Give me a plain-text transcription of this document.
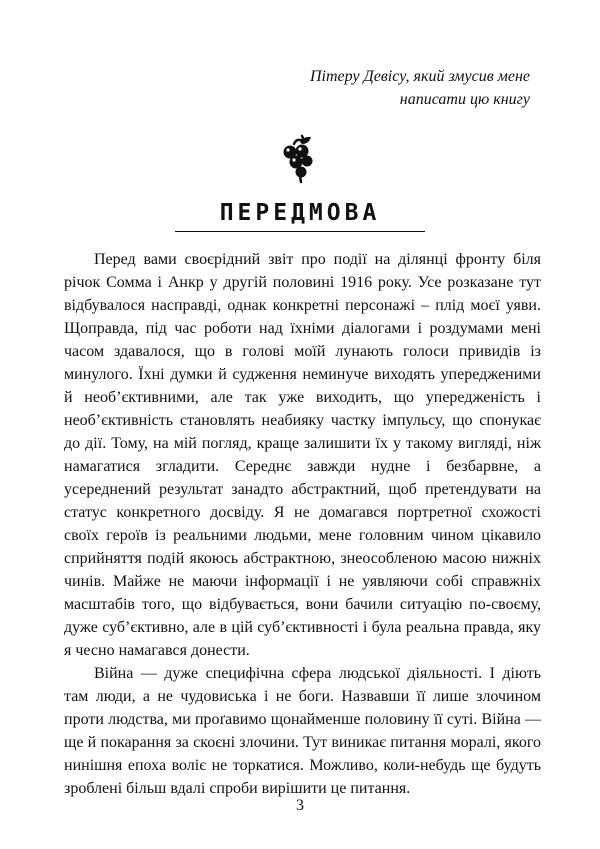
Пітеру Девісу, який змусив мене
написати цю книгу
ПЕРЕДМОВА

Перед вами своєрідний звіт про події на ділянці фронту біля річок Сомма і Анкр у другій половині 1916 року. Усе розказане тут відбувалося насправді, однак конкретні персонажі – плід моєї уяви. Щоправда, під час роботи над їхніми діалогами і роздумами мені часом здавалося, що в голові моїй лунають голоси привидів із минулого. Їхні думки й судження неминуче виходять упередженими й необ’єктивними, але так уже виходить, що упередженість і необ’єктивність становлять неабияку частку імпульсу, що спонукає до дії. Тому, на мій погляд, краще залишити їх у такому вигляді, ніж намагатися згладити. Середнє завжди нудне і безбарвне, а усереднений результат занадто абстрактний, щоб претендувати на статус конкретного досвіду. Я не домагався портретної схожості своїх героїв із реальними людьми, мене головним чином цікавило сприйняття подій якоюсь абстрактною, знеособленою масою нижніх чинів. Майже не маючи інформації і не уявляючи собі справжніх масштабів того, що відбувається, вони бачили ситуацію по-своєму, дуже суб’єктивно, але в цій суб’єктивності і була реальна правда, яку я чесно намагався донести.

Війна — дуже специфічна сфера людської діяльності. І діють там люди, а не чудовиська і не боги. Назвавши її лише злочином проти людства, ми проґавимо щонайменше половину її суті. Війна — ще й покарання за скоєні злочини. Тут виникає питання моралі, якого нинішня епоха воліє не торкатися. Можливо, коли-небудь ще будуть зроблені більш вдалі спроби вирішити це питання.

3
